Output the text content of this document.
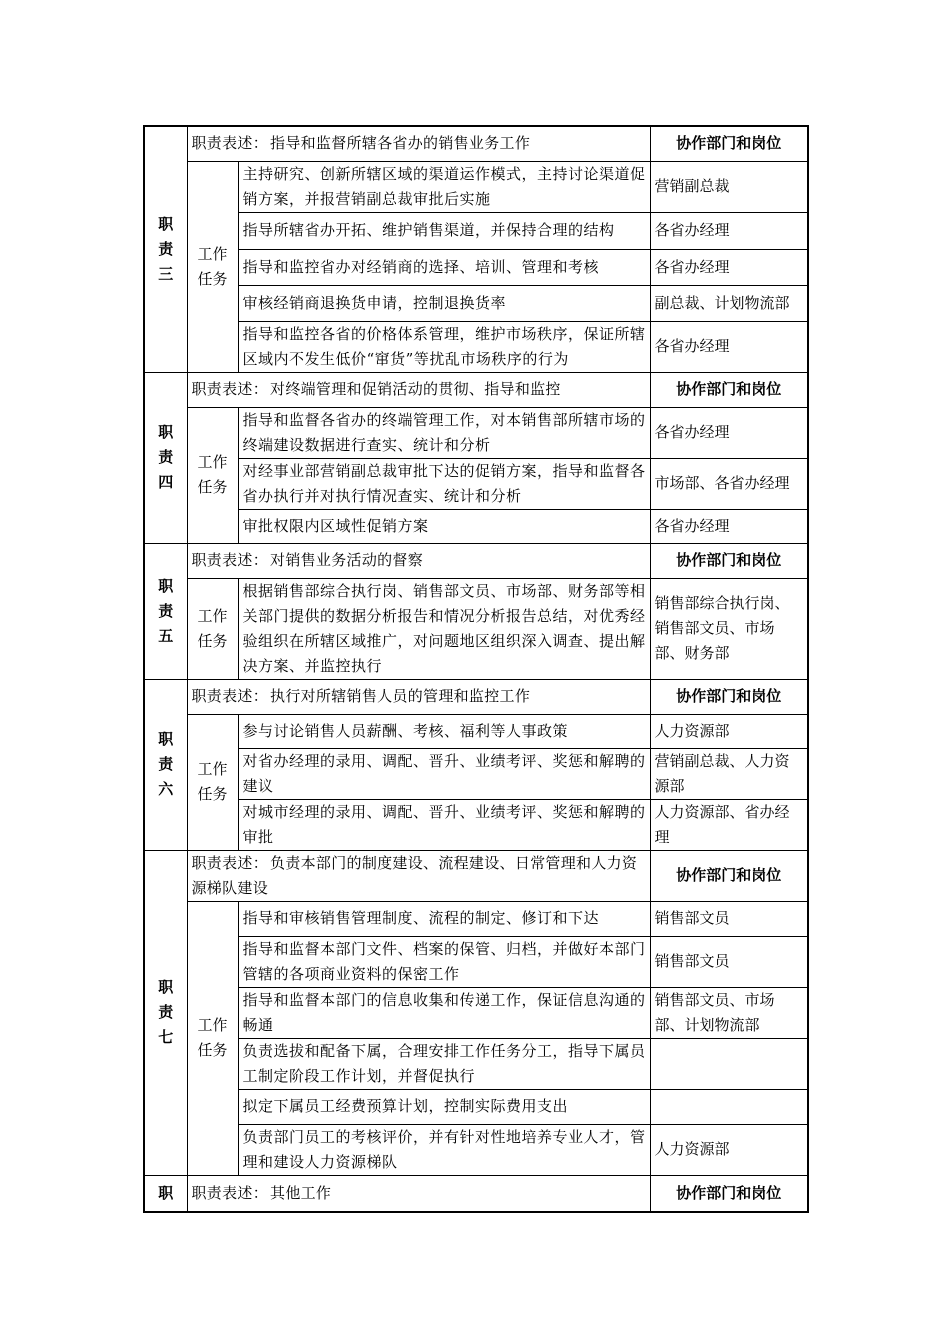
职
责
三	职责表述： 指导和监督所辖各省办的销售业务工作		协作部门和岗位

	工作
任务	主持研究、创新所辖区域的渠道运作模式，主持讨论渠道促销方案，并报营销副总裁审批后实施	营销副总裁
		指导所辖省办开拓、维护销售渠道，并保持合理的结构	各省办经理
		指导和监控省办对经销商的选择、培训、管理和考核	各省办经理
		审核经销商退换货申请，控制退换货率	副总裁、计划物流部
		指导和监控各省的价格体系管理，维护市场秩序，保证所辖区域内不发生低价“窜货”等扰乱市场秩序的行为	各省办经理

职
责
四	职责表述： 对终端管理和促销活动的贯彻、指导和监控		协作部门和岗位

	工作
任务	指导和监督各省办的终端管理工作，对本销售部所辖市场的终端建设数据进行查实、统计和分析	各省办经理
		对经事业部营销副总裁审批下达的促销方案，指导和监督各省办执行并对执行情况查实、统计和分析	市场部、各省办经理
		审批权限内区域性促销方案	各省办经理

职
责
五	职责表述： 对销售业务活动的督察		协作部门和岗位

	工作
任务	根据销售部综合执行岗、销售部文员、市场部、财务部等相关部门提供的数据分析报告和情况分析报告总结，对优秀经验组织在所辖区域推广，对问题地区组织深入调查、提出解决方案、并监控执行	销售部综合执行岗、销售部文员、市场部、财务部

职
责
六	职责表述： 执行对所辖销售人员的管理和监控工作		协作部门和岗位

	工作
任务	参与讨论销售人员薪酬、考核、福利等人事政策	人力资源部
		对省办经理的录用、调配、晋升、业绩考评、奖惩和解聘的建议	营销副总裁、人力资源部
		对城市经理的录用、调配、晋升、业绩考评、奖惩和解聘的审批	人力资源部、省办经理

职
责
七	职责表述： 负责本部门的制度建设、流程建设、日常管理和人力资源梯队建设		协作部门和岗位

	工作
任务	指导和审核销售管理制度、流程的制定、修订和下达	销售部文员
		指导和监督本部门文件、档案的保管、归档，并做好本部门管辖的各项商业资料的保密工作	销售部文员
		指导和监督本部门的信息收集和传递工作，保证信息沟通的畅通	销售部文员、市场部、计划物流部
		负责选拔和配备下属，合理安排工作任务分工，指导下属员工制定阶段工作计划，并督促执行	
		拟定下属员工经费预算计划，控制实际费用支出	
		负责部门员工的考核评价，并有针对性地培养专业人才，管理和建设人力资源梯队	人力资源部

职	职责表述： 其他工作		协作部门和岗位
